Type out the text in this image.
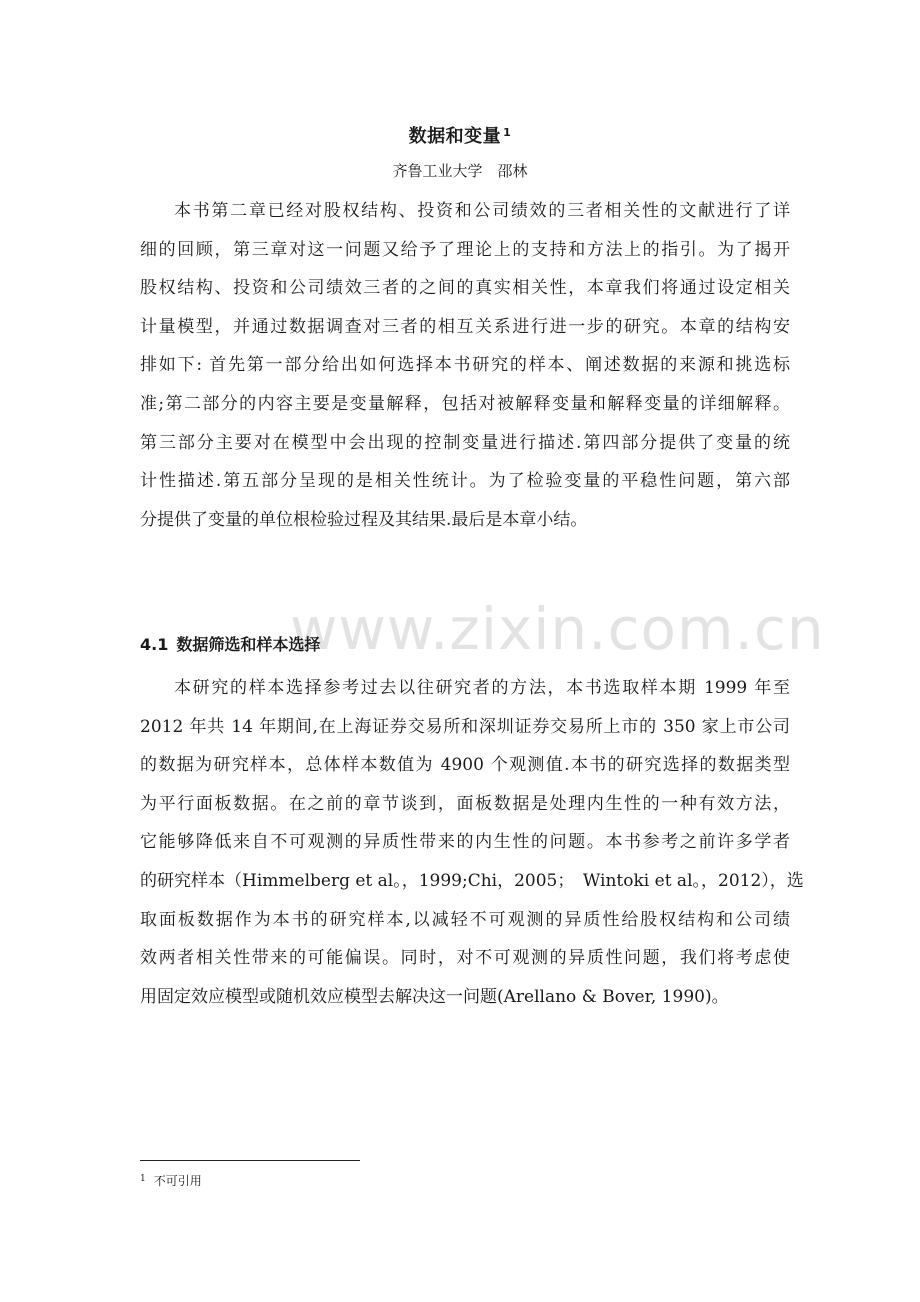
www.zixin.com.cn
数据和变量 $^1$
齐鲁工业大学　邵林

本书第二章已经对股权结构、投资和公司绩效的三者相关性的文献进行了详
细的回顾，第三章对这一问题又给予了理论上的支持和方法上的指引。为了揭开
股权结构、投资和公司绩效三者的之间的真实相关性，本章我们将通过设定相关
计量模型，并通过数据调查对三者的相互关系进行进一步的研究。本章的结构安
排如下: 首先第一部分给出如何选择本书研究的样本、阐述数据的来源和挑选标
准;第二部分的内容主要是变量解释，包括对被解释变量和解释变量的详细解释。
第三部分主要对在模型中会出现的控制变量进行描述.第四部分提供了变量的统
计性描述.第五部分呈现的是相关性统计。为了检验变量的平稳性问题，第六部
分提供了变量的单位根检验过程及其结果.最后是本章小结。

4.1 数据筛选和样本选择

本研究的样本选择参考过去以往研究者的方法，本书选取样本期 1999 年至
2012 年共 14 年期间,在上海证券交易所和深圳证券交易所上市的 350 家上市公司
的数据为研究样本，总体样本数值为 4900 个观测值.本书的研究选择的数据类型
为平行面板数据。在之前的章节谈到，面板数据是处理内生性的一种有效方法，
它能够降低来自不可观测的异质性带来的内生性的问题。本书参考之前许多学者
的研究样本（Himmelberg et al。，1999;Chi，2005；　Wintoki et al。，2012），选
取面板数据作为本书的研究样本,以减轻不可观测的异质性给股权结构和公司绩
效两者相关性带来的可能偏误。同时，对不可观测的异质性问题，我们将考虑使
用固定效应模型或随机效应模型去解决这一问题(Arellano & Bover, 1990)。

$^1$ 不可引用
